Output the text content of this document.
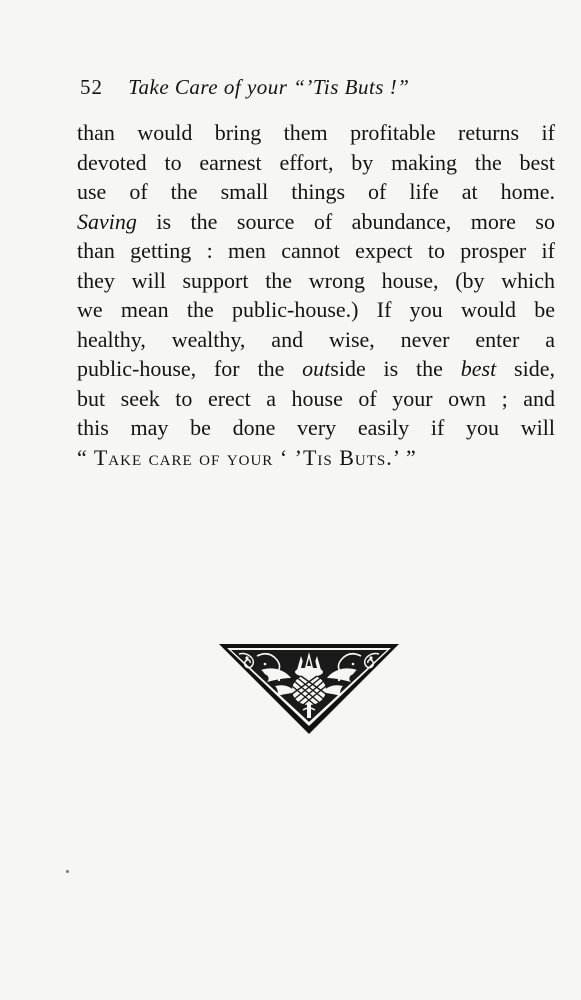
52 Take Care of your “’Tis Buts !”
than would bring them profitable returns if
devoted to earnest effort, by making the best
use of the small things of life at home.
Saving is the source of abundance, more so
than getting : men cannot expect to prosper if
they will support the wrong house, (by which
we mean the public-house.) If you would be
healthy, wealthy, and wise, never enter a
public-house, for the outside is the best side,
but seek to erect a house of your own ; and
this may be done very easily if you will
“ Take care of your ‘ ’Tis Buts.’ ”
